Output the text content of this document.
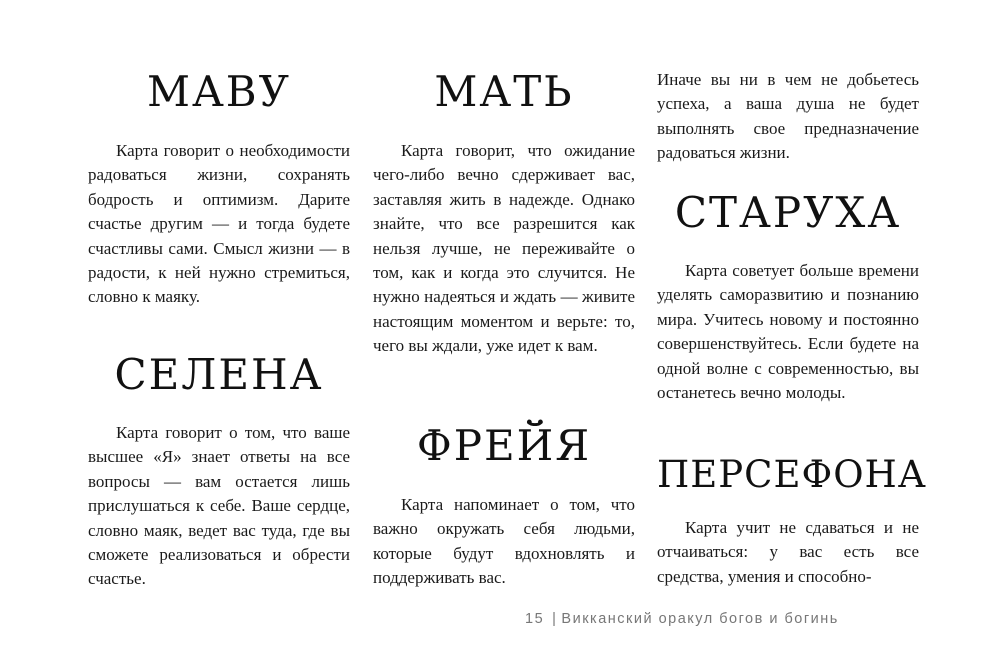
МАВУ

Карта говорит о необходимости радоваться жизни, сохранять бодрость и оптимизм. Дарите счастье другим — и тогда будете счастливы сами. Смысл жизни — в радости, к ней нужно стремиться, словно к маяку.

СЕЛЕНА

Карта говорит о том, что ваше высшее «Я» знает ответы на все вопросы — вам остается лишь прислушаться к себе. Ваше сердце, словно маяк, ведет вас туда, где вы сможете реализоваться и обрести счастье.

МАТЬ

Карта говорит, что ожидание чего-либо вечно сдерживает вас, заставляя жить в надежде. Однако знайте, что все разрешится как нельзя лучше, не переживайте о том, как и когда это случится. Не нужно надеяться и ждать — живите настоящим моментом и верьте: то, чего вы ждали, уже идет к вам.

ФРЕЙЯ

Карта напоминает о том, что важно окружать себя людьми, которые будут вдохновлять и поддерживать вас.

Иначе вы ни в чем не добьетесь успеха, а ваша душа не будет выполнять свое предназначение радоваться жизни.

СТАРУХА

Карта советует больше времени уделять саморазвитию и познанию мира. Учитесь новому и постоянно совершенствуйтесь. Если будете на одной волне с современностью, вы останетесь вечно молоды.

ПЕРСЕФОНА

Карта учит не сдаваться и не отчаиваться: у вас есть все средства, умения и способно-

15 | Викканский оракул богов и богинь
